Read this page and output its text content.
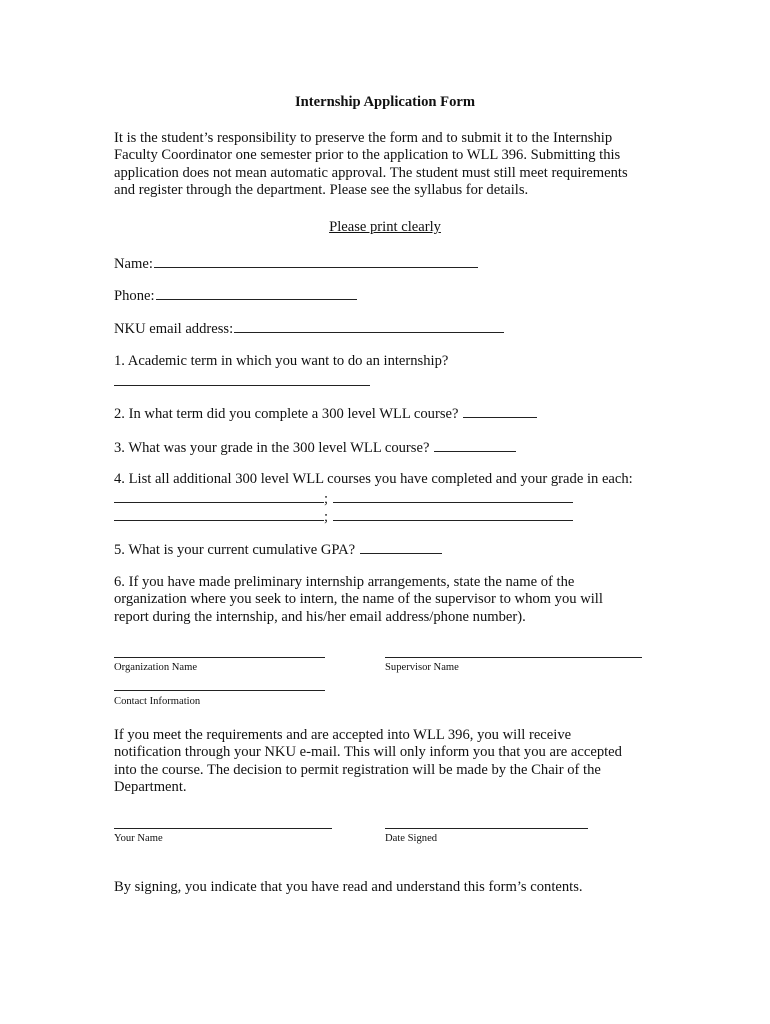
Internship Application Form
It is the student’s responsibility to preserve the form and to submit it to the Internship
Faculty Coordinator one semester prior to the application to WLL 396. Submitting this
application does not mean automatic approval. The student must still meet requirements
and register through the department. Please see the syllabus for details.
Please print clearly
Name:
Phone:
NKU email address:
1. Academic term in which you want to do an internship?
2. In what term did you complete a 300 level WLL course?
3. What was your grade in the 300 level WLL course?
4. List all additional 300 level WLL courses you have completed and your grade in each:
;
;
5. What is your current cumulative GPA?
6. If you have made preliminary internship arrangements, state the name of the
organization where you seek to intern, the name of the supervisor to whom you will
report during the internship, and his/her email address/phone number).
Organization Name	Supervisor Name
Contact Information
If you meet the requirements and are accepted into WLL 396, you will receive
notification through your NKU e-mail. This will only inform you that you are accepted
into the course. The decision to permit registration will be made by the Chair of the
Department.
Your Name	Date Signed
By signing, you indicate that you have read and understand this form’s contents.
